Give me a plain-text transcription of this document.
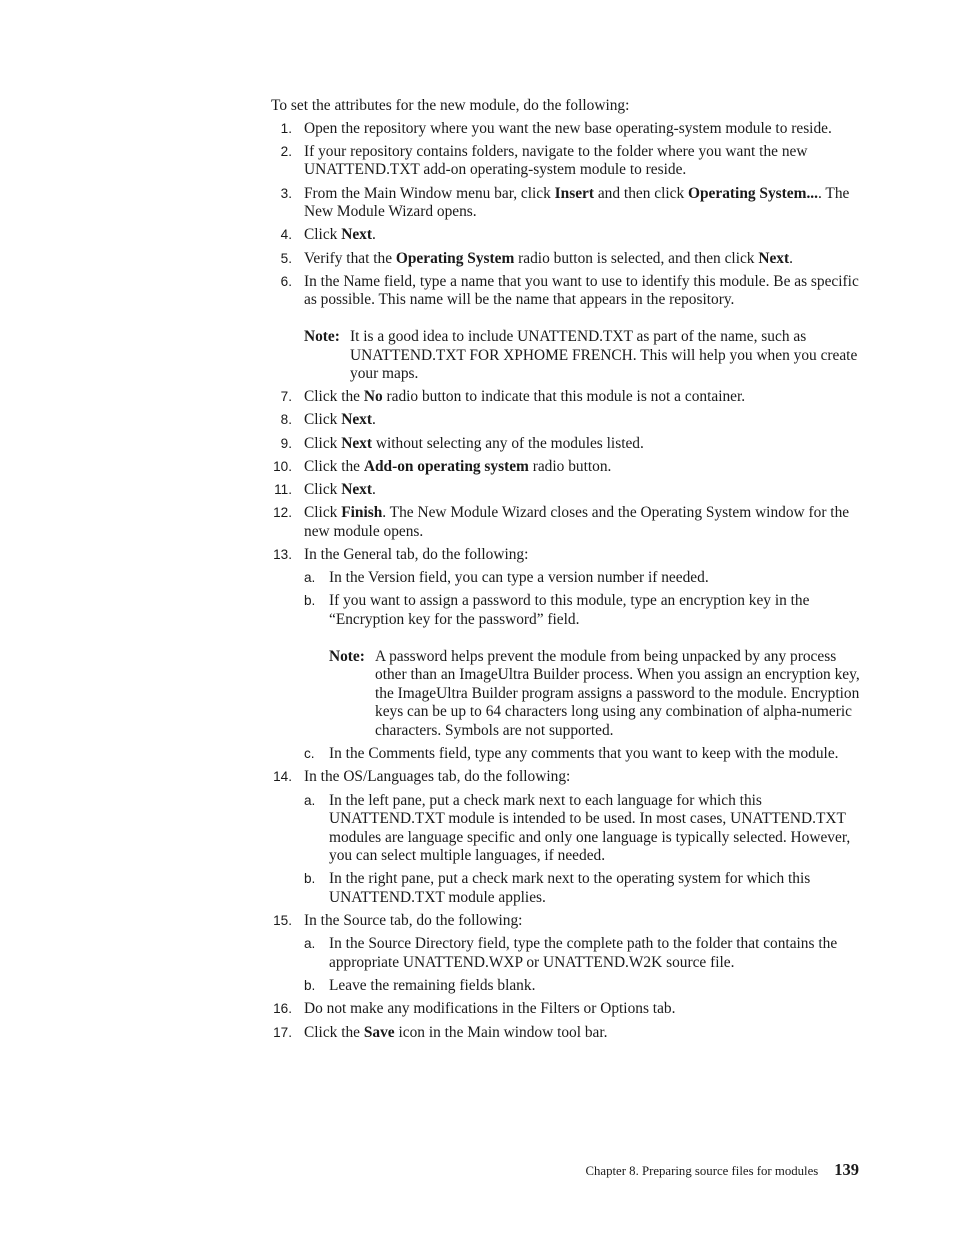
To set the attributes for the new module, do the following:

1. Open the repository where you want the new base operating-system module to reside.
2. If your repository contains folders, navigate to the folder where you want the new UNATTEND.TXT add-on operating-system module to reside.
3. From the Main Window menu bar, click Insert and then click Operating System.... The New Module Wizard opens.
4. Click Next.
5. Verify that the Operating System radio button is selected, and then click Next.
6. In the Name field, type a name that you want to use to identify this module. Be as specific as possible. This name will be the name that appears in the repository.
Note: It is a good idea to include UNATTEND.TXT as part of the name, such as UNATTEND.TXT FOR XPHOME FRENCH. This will help you when you create your maps.
7. Click the No radio button to indicate that this module is not a container.
8. Click Next.
9. Click Next without selecting any of the modules listed.
10. Click the Add-on operating system radio button.
11. Click Next.
12. Click Finish. The New Module Wizard closes and the Operating System window for the new module opens.
13. In the General tab, do the following:
a. In the Version field, you can type a version number if needed.
b. If you want to assign a password to this module, type an encryption key in the “Encryption key for the password” field.
Note: A password helps prevent the module from being unpacked by any process other than an ImageUltra Builder process. When you assign an encryption key, the ImageUltra Builder program assigns a password to the module. Encryption keys can be up to 64 characters long using any combination of alpha-numeric characters. Symbols are not supported.
c. In the Comments field, type any comments that you want to keep with the module.
14. In the OS/Languages tab, do the following:
a. In the left pane, put a check mark next to each language for which this UNATTEND.TXT module is intended to be used. In most cases, UNATTEND.TXT modules are language specific and only one language is typically selected. However, you can select multiple languages, if needed.
b. In the right pane, put a check mark next to the operating system for which this UNATTEND.TXT module applies.
15. In the Source tab, do the following:
a. In the Source Directory field, type the complete path to the folder that contains the appropriate UNATTEND.WXP or UNATTEND.W2K source file.
b. Leave the remaining fields blank.
16. Do not make any modifications in the Filters or Options tab.
17. Click the Save icon in the Main window tool bar.
Chapter 8. Preparing source files for modules 139
